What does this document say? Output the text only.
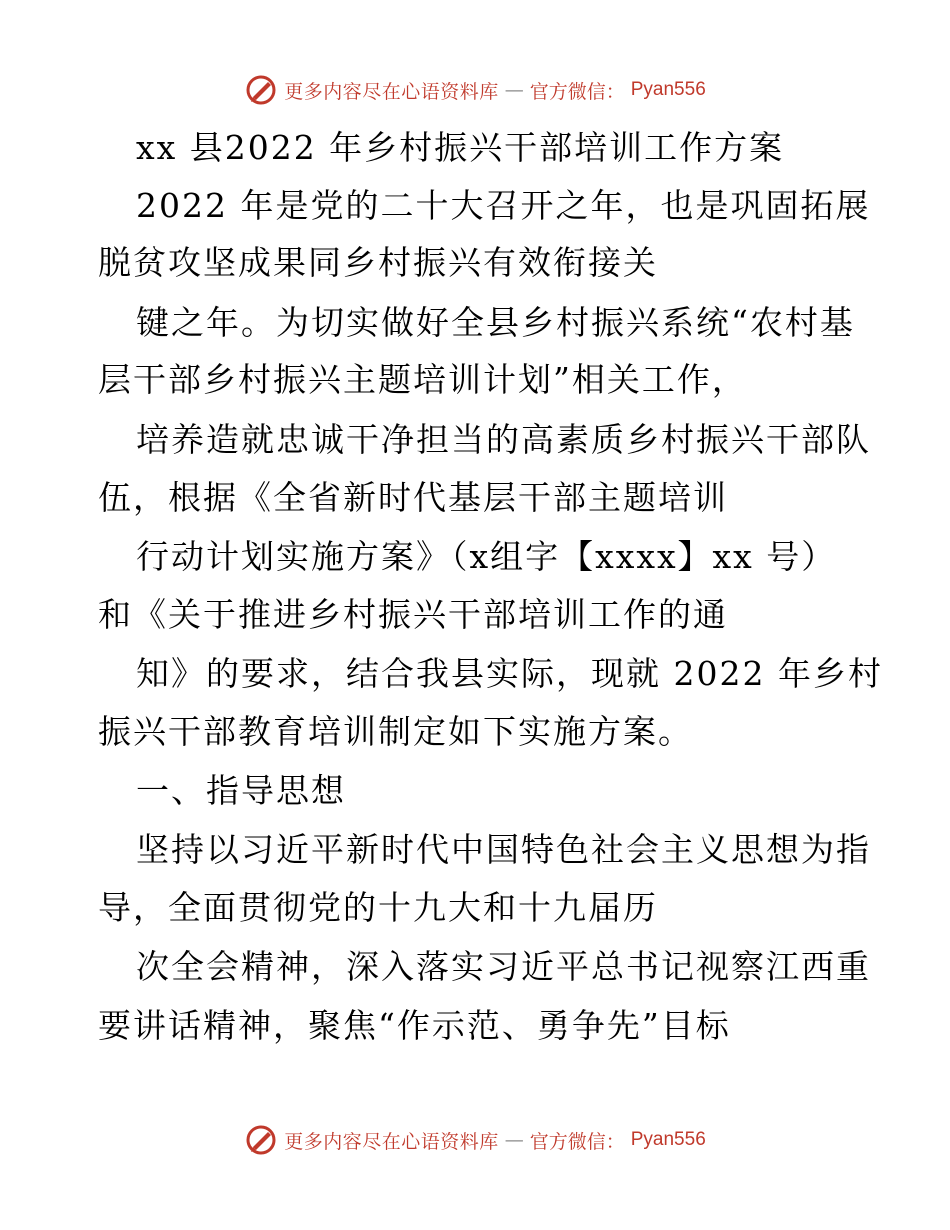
更多内容尽在心语资料库 — 官方微信： Pyan556
xx 县2022 年乡村振兴干部培训工作方案
2022 年是党的二十大召开之年，也是巩固拓展
脱贫攻坚成果同乡村振兴有效衔接关
键之年。为切实做好全县乡村振兴系统“农村基
层干部乡村振兴主题培训计划”相关工作，
培养造就忠诚干净担当的高素质乡村振兴干部队
伍，根据《全省新时代基层干部主题培训
行动计划实施方案》（x组字【xxxx】xx 号）
和《关于推进乡村振兴干部培训工作的通
知》的要求，结合我县实际，现就 2022 年乡村
振兴干部教育培训制定如下实施方案。
一、指导思想
坚持以习近平新时代中国特色社会主义思想为指
导，全面贯彻党的十九大和十九届历
次全会精神，深入落实习近平总书记视察江西重
要讲话精神，聚焦“作示范、勇争先”目标
更多内容尽在心语资料库 — 官方微信： Pyan556
